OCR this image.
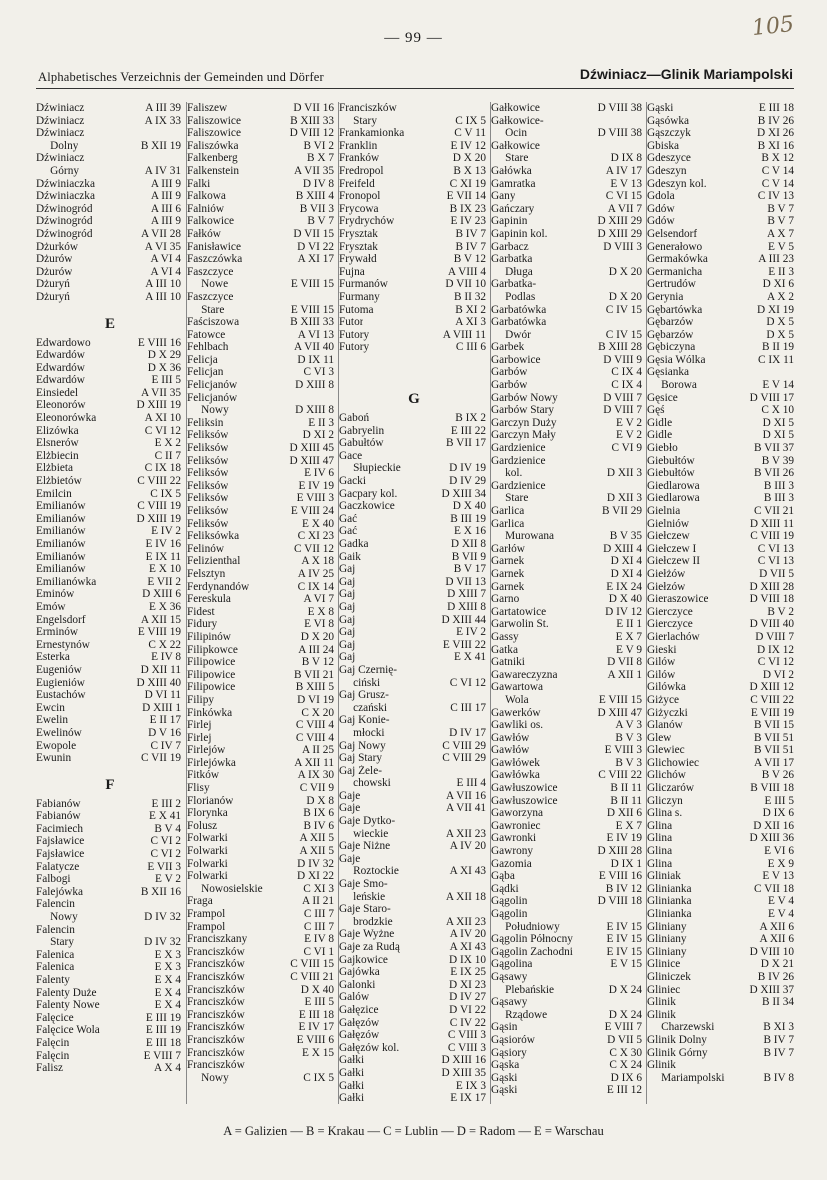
— 99 —	105
Alphabetisches Verzeichnis der Gemeinden und Dörfer	Dźwiniacz—Glinik Mariampolski
Dźwiniacz	A III 39
Dźwiniacz	A IX 33
Dźwiniacz
Dolny	B XII 19
Dźwiniacz
Górny	A IV 31
Dźwiniaczka	A III 9
Dźwiniaczka	A III 9
Dźwinogród	A III 6
Dźwinogród	A III 9
Dźwinogród	A VII 28
Dżurków	A VI 35
Dżurów	A VI 4
Dżurów	A VI 4
Dżuryń	A III 10
Dżuryń	A III 10
E
Edwardowo	E VIII 16
Edwardów	D X 29
Edwardów	D X 36
Edwardów	E III 5
Einsiedel	A VII 35
Eleonorów	D XIII 19
Eleonorówka	A XI 10
Elizówka	C VI 12
Elsnerów	E X 2
Elżbiecin	C II 7
Elżbieta	C IX 18
Elżbietów	C VIII 22
Emilcin	C IX 5
Emilianów	C VIII 19
Emilianów	D XIII 19
Emilianów	E IV 2
Emilianów	E IV 16
Emilianów	E IX 11
Emilianów	E X 10
Emilianówka	E VII 2
Eminów	D XIII 6
Emów	E X 36
Engelsdorf	A XII 15
Erminów	E VIII 19
Ernestynów	C X 22
Esterka	E IV 8
Eugeniów	D XII 11
Eugieniów	D XIII 40
Eustachów	D VI 11
Ewcin	D XIII 1
Ewelin	E II 17
Ewelinów	D V 16
Ewopole	C IV 7
Ewunin	C VII 19
F
Fabianów	E III 2
Fabianów	E X 41
Facimiech	B V 4
Fajsławice	C VI 2
Fajsławice	C VI 2
Falatycze	E VII 3
Falbogi	E V 2
Falejówka	B XII 16
Falencin
Nowy	D IV 32
Falencin
Stary	D IV 32
Falenica	E X 3
Falenica	E X 3
Falenty	E X 4
Falenty Duże	E X 4
Falenty Nowe	E X 4
Falęcice	E III 19
Falęcice Wola	E III 19
Falęcin	E III 18
Falęcin	E VIII 7
Falisz	A X 4
Faliszew	D VII 16
Faliszowice	B XIII 33
Faliszowice	D VIII 12
Faliszówka	B VI 2
Falkenberg	B X 7
Falkenstein	A VII 35
Falki	D IV 8
Falkowa	B XIII 4
Falniów	B VII 3
Falkowice	B V 7
Fałków	D VII 15
Fanisławice	D VI 22
Faszczówka	A XI 17
Faszczyce
Nowe	E VIII 15
Faszczyce
Stare	E VIII 15
Faściszowa	B XIII 33
Fatowce	A VI 13
Fehlbach	A VII 40
Felicja	D IX 11
Felicjan	C VI 3
Felicjanów	D XIII 8
Felicjanów
Nowy	D XIII 8
Feliksin	E II 3
Feliksów	D XI 2
Feliksów	D XIII 45
Feliksów	D XIII 47
Feliksów	E IV 6
Feliksów	E IV 19
Feliksów	E VIII 3
Feliksów	E VIII 24
Feliksów	E X 40
Feliksówka	C XI 23
Felinów	C VII 12
Felizienthal	A X 18
Felsztyn	A IV 25
Ferdynandów	C IX 14
Fereskula	A VI 7
Fidest	E X 8
Fidury	E VI 8
Filipinów	D X 20
Filipkowce	A III 24
Filipowice	B V 12
Filipowice	B VII 21
Filipowice	B XIII 5
Filipy	D VI 19
Finkówka	C X 20
Firlej	C VIII 4
Firlej	C VIII 4
Firlejów	A II 25
Firlejówka	A XII 11
Fitków	A IX 30
Flisy	C VII 9
Florianów	D X 8
Florynka	B IX 6
Folusz	B IV 6
Folwarki	A XII 5
Folwarki	A XII 5
Folwarki	D IV 32
Folwarki	D XI 22
Nowosielskie	C XI 3
Fraga	A II 21
Frampol	C III 7
Frampol	C III 7
Franciszkany	E IV 8
Franciszków	C VI 1
Franciszków	C VIII 15
Franciszków	C VIII 21
Franciszków	D X 40
Franciszków	E III 5
Franciszków	E III 18
Franciszków	E IV 17
Franciszków	E VIII 6
Franciszków	E X 15
Franciszków
Nowy	C IX 5
Franciszków
Stary	C IX 5
Frankamionka	C V 11
Franklin	E IV 12
Franków	D X 20
Fredropol	B X 13
Freifeld	C XI 19
Fronopol	E VII 14
Frycowa	B IX 23
Frydrychów	E IV 23
Frysztak	B IV 7
Frysztak	B IV 7
Frywałd	B V 12
Fujna	A VIII 4
Furmanów	D VII 10
Furmany	B II 32
Futoma	B XI 2
Futor	A XI 3
Futory	A VIII 11
Futory	C III 6
G
Gaboń	B IX 2
Gabryelin	E III 22
Gabułtów	B VII 17
Gace
Słupieckie	D IV 19
Gacki	D IV 29
Gacpary kol.	D XIII 34
Gaczkowice	D X 40
Gać	B III 19
Gać	E X 16
Gadka	D XII 8
Gaik	B VII 9
Gaj	B V 17
Gaj	D VII 13
Gaj	D XIII 7
Gaj	D XIII 8
Gaj	D XIII 44
Gaj	E IV 2
Gaj	E VIII 22
Gaj	E X 41
Gaj Czernię-
ciński	C VI 12
Gaj Grusz-
czański	C III 17
Gaj Konie-
młocki	D IV 17
Gaj Nowy	C VIII 29
Gaj Stary	C VIII 29
Gaj Żele-
chowski	E III 4
Gaje	A VII 16
Gaje	A VII 41
Gaje Dytko-
wieckie	A XII 23
Gaje Niżne	A IV 20
Gaje
Roztockie	A XI 43
Gaje Smo-
leńskie	A XII 18
Gaje Staro-
brodzkie	A XII 23
Gaje Wyżne	A IV 20
Gaje za Rudą	A XI 43
Gajkowice	D IX 10
Gajówka	E IX 25
Galonki	D XI 23
Galów	D IV 27
Gałęzice	D VI 22
Gałęzów	C IV 22
Gałęzów	C VIII 3
Gałęzów kol.	C VIII 3
Gałki	D XIII 16
Gałki	D XIII 35
Gałki	E IX 3
Gałki	E IX 17
Gałkowice	D VIII 38
Gałkowice-
Ocin	D VIII 38
Gałkowice
Stare	D IX 8
Gałówka	A IV 17
Gamratka	E V 13
Gany	C VI 15
Gańczary	A VII 7
Gapinin	D XIII 29
Gapinin kol.	D XIII 29
Garbacz	D VIII 3
Garbatka
Długa	D X 20
Garbatka-
Podlas	D X 20
Garbatówka	C IV 15
Garbatówka
Dwór	C IV 15
Garbek	B XIII 28
Garbowice	D VIII 9
Garbów	C IX 4
Garbów	C IX 4
Garbów Nowy	D VIII 7
Garbów Stary	D VIII 7
Garczyn Duży	E V 2
Garczyn Mały	E V 2
Gardzienice	C VI 9
Gardzienice
kol.	D XII 3
Gardzienice
Stare	D XII 3
Garlica	B VII 29
Garlica
Murowana	B V 35
Garłów	D XIII 4
Garnek	D XI 4
Garnek	D XI 4
Garnek	E IX 24
Garno	D X 40
Gartatowice	D IV 12
Garwolin St.	E II 1
Gassy	E X 7
Gatka	E V 9
Gatniki	D VII 8
Gawareczyzna	A XII 1
Gawartowa
Wola	E VIII 15
Gawerków	D XIII 47
Gawliki os.	A V 3
Gawłów	B V 3
Gawłów	E VIII 3
Gawłówek	B V 3
Gawłówka	C VIII 22
Gawłuszowice	B II 11
Gawłuszowice	B II 11
Gaworzyna	D XII 6
Gawroniec	E X 7
Gawronki	E IV 19
Gawrony	D XIII 28
Gazomia	D IX 1
Gąba	E VIII 16
Gądki	B IV 12
Gągolin	D VIII 18
Gągolin
Południowy	E IV 15
Gągolin Północny	E IV 15
Gągolin Zachodni	E IV 15
Gągolina	E V 15
Gąsawy
Plebańskie	D X 24
Gąsawy
Rządowe	D X 24
Gąsin	E VIII 7
Gąsiorów	D VII 5
Gąsiory	C X 30
Gąska	C X 24
Gąski	D IX 6
Gąski	E III 12
Gąski	E III 18
Gąsówka	B IV 26
Gąszczyk	D XI 26
Gbiska	B XI 16
Gdeszyce	B X 12
Gdeszyn	C V 14
Gdeszyn kol.	C V 14
Gdola	C IV 13
Gdów	B V 7
Gdów	B V 7
Gelsendorf	A X 7
Generałowo	E V 5
Germakówka	A III 23
Germanicha	E II 3
Gertrudów	D XI 6
Gerynia	A X 2
Gębartówka	D XI 19
Gębarzów	D X 5
Gębarzów	D X 5
Gębiczyna	B II 19
Gęsia Wólka	C IX 11
Gęsianka
Borowa	E V 14
Gęsice	D VIII 17
Gęś	C X 10
Gidle	D XI 5
Gidle	D XI 5
Giebło	B VII 37
Giebułtów	B V 39
Giebułtów	B VII 26
Giedlarowa	B III 3
Giedlarowa	B III 3
Gielnia	C VII 21
Gielniów	D XIII 11
Giełczew	C VIII 19
Giełczew I	C VI 13
Giełczew II	C VI 13
Giełżów	D VII 5
Giełzów	D XIII 28
Gieraszowice	D VIII 18
Gierczyce	B V 2
Gierczyce	D VIII 40
Gierlachów	D VIII 7
Gieski	D IX 12
Gilów	C VI 12
Gilów	D VI 2
Gilówka	D XIII 12
Giżyce	C VIII 22
Giżyczki	E VIII 19
Glanów	B VII 15
Glew	B VII 51
Glewiec	B VII 51
Glichowiec	A VII 17
Glichów	B V 26
Gliczarów	B VIII 18
Gliczyn	E III 5
Glina s.	D IX 6
Glina	D XII 16
Glina	D XIII 36
Glina	E VI 6
Glina	E X 9
Gliniak	E V 13
Glinianka	C VII 18
Glinianka	E V 4
Glinianka	E V 4
Gliniany	A XII 6
Gliniany	A XII 6
Gliniany	D VIII 10
Glinice	D X 21
Gliniczek	B IV 26
Gliniec	D XIII 37
Glinik	B II 34
Glinik
Charzewski	B XI 3
Glinik Dolny	B IV 7
Glinik Górny	B IV 7
Glinik
Mariampolski	B IV 8
A = Galizien — B = Krakau — C = Lublin — D = Radom — E = Warschau
